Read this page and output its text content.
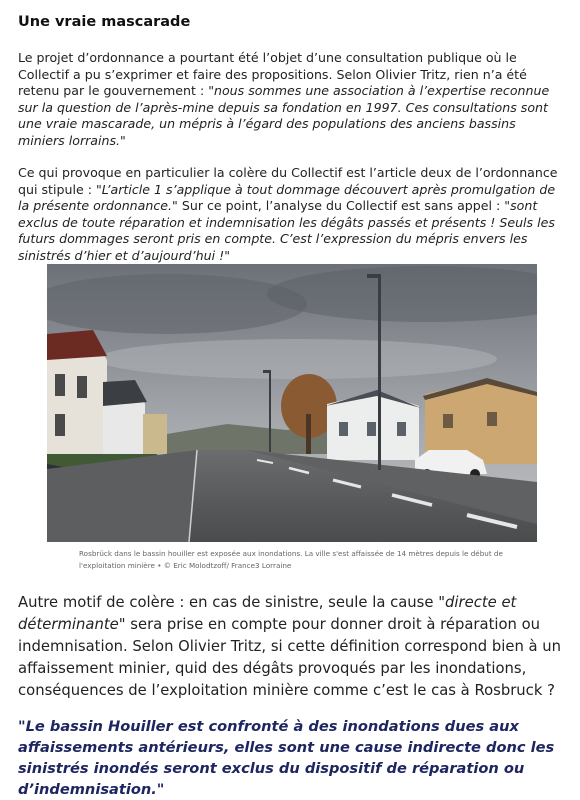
Une vraie mascarade

Le projet d’ordonnance a pourtant été l’objet d’une consultation publique où le Collectif a pu s’exprimer et faire des propositions. Selon Olivier Tritz, rien n’a été retenu par le gouvernement : "nous sommes une association à l’expertise reconnue sur la question de l’après-mine depuis sa fondation en 1997. Ces consultations sont une vraie mascarade, un mépris à l’égard des populations des anciens bassins miniers lorrains."

Ce qui provoque en particulier la colère du Collectif est l’article deux de l’ordonnance qui stipule : "L’article 1 s’applique à tout dommage découvert après promulgation de la présente ordonnance." Sur ce point, l’analyse du Collectif est sans appel : "sont exclus de toute réparation et indemnisation les dégâts passés et présents ! Seuls les futurs dommages seront pris en compte. C’est l’expression du mépris envers les sinistrés d’hier et d’aujourd’hui !"

Rosbrück dans le bassin houiller est exposée aux inondations. La ville s'est affaissée de 14 mètres depuis le début de l'exploitation minière • © Eric Molodtzoff/ France3 Lorraine

Autre motif de colère : en cas de sinistre, seule la cause "directe et déterminante" sera prise en compte pour donner droit à réparation ou indemnisation. Selon Olivier Tritz, si cette définition correspond bien à un affaissement minier, quid des dégâts provoqués par les inondations, conséquences de l’exploitation minière comme c’est le cas à Rosbruck ?

"Le bassin Houiller est confronté à des inondations dues aux affaissements antérieurs, elles sont une cause indirecte donc les sinistrés inondés seront exclus du dispositif de réparation ou d’indemnisation."
